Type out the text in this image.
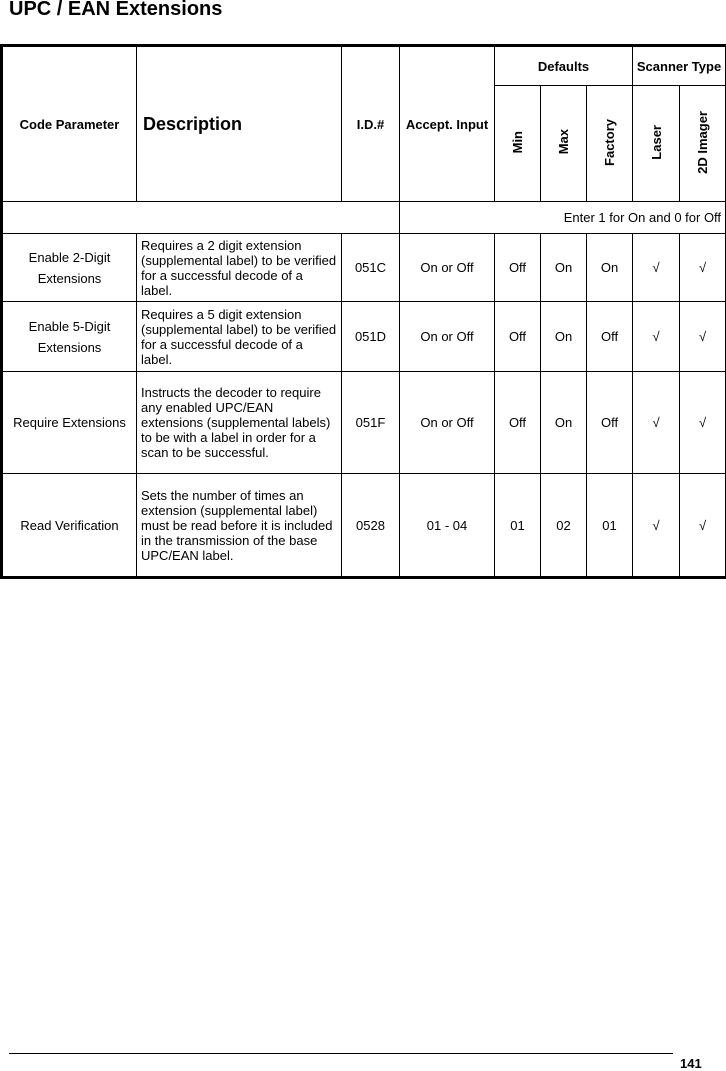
UPC / EAN Extensions
Code Parameter	Description	I.D.#	Accept. Input	Defaults			Scanner Type	
				Min	Max	Factory	Laser	2D Imager
			Enter 1 for On and 0 for Off					
Enable 2-Digit Extensions	Requires a 2 digit extension (supplemental label) to be verified for a successful decode of a label.	051C	On or Off	Off	On	On	√	√
Enable 5-Digit Extensions	Requires a 5 digit extension (supplemental label) to be verified for a successful decode of a label.	051D	On or Off	Off	On	Off	√	√
Require Extensions	Instructs the decoder to require any enabled UPC/EAN extensions (supplemental labels) to be with a label in order for a scan to be successful.	051F	On or Off	Off	On	Off	√	√
Read Verification	Sets the number of times an extension (supplemental label) must be read before it is included in the transmission of the base UPC/EAN label.	0528	01 - 04	01	02	01	√	√
141
